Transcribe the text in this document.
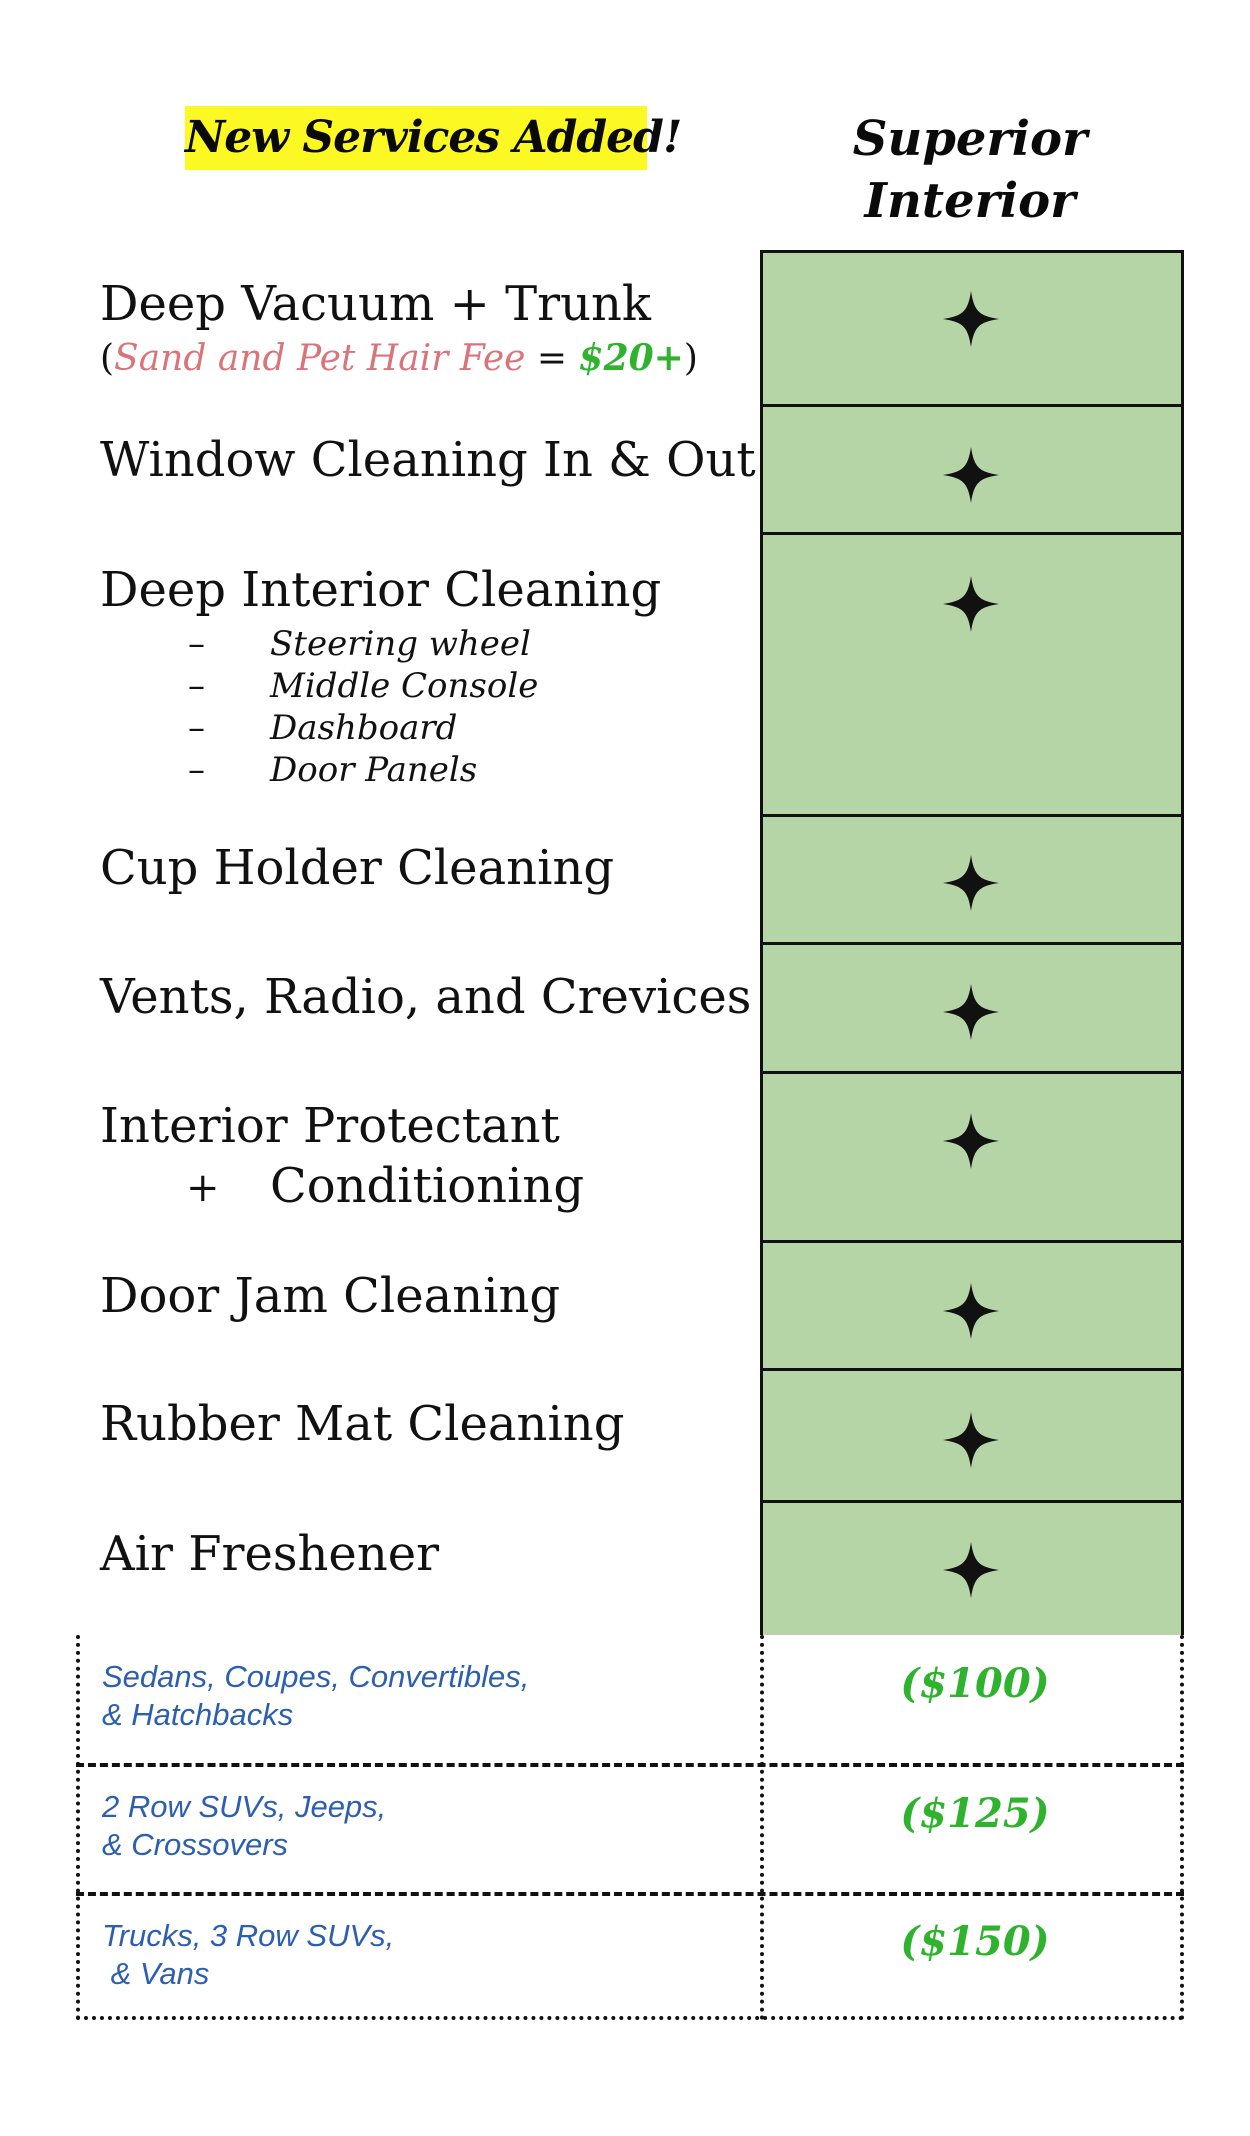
New Services Added!	Superior
Interior
Deep Vacuum + Trunk
(Sand and Pet Hair Fee = $20+)
Window Cleaning In & Out
Deep Interior Cleaning
– Steering wheel
– Middle Console
– Dashboard
– Door Panels
Cup Holder Cleaning
Vents, Radio, and Crevices
Interior Protectant
+ Conditioning
Door Jam Cleaning
Rubber Mat Cleaning
Air Freshener
Sedans, Coupes, Convertibles,
& Hatchbacks
($100)
2 Row SUVs, Jeeps,
& Crossovers
($125)
Trucks, 3 Row SUVs,
& Vans
($150)
